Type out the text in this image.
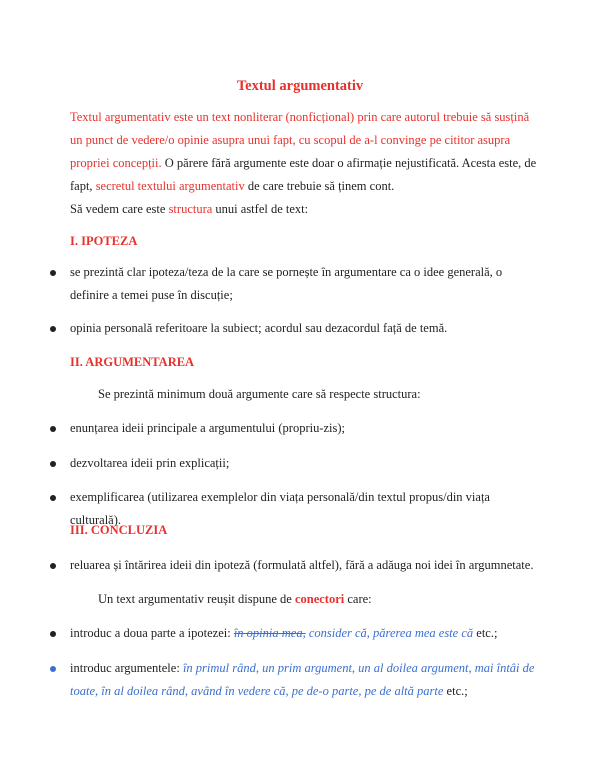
Textul argumentativ
Textul argumentativ este un text nonliterar (nonficțional) prin care autorul trebuie să susțină un punct de vedere/o opinie asupra unui fapt, cu scopul de a-l convinge pe cititor asupra propriei concepții. O părere fără argumente este doar o afirmație nejustificată. Acesta este, de fapt, secretul textului argumentativ de care trebuie să ținem cont.
Să vedem care este structura unui astfel de text:
I. IPOTEZA
se prezintă clar ipoteza/teza de la care se pornește în argumentare ca o idee generală, o definire a temei puse în discuție;
opinia personală referitoare la subiect; acordul sau dezacordul față de temă.
II. ARGUMENTAREA
Se prezintă minimum două argumente care să respecte structura:
enunțarea ideii principale a argumentului (propriu-zis);
dezvoltarea ideii prin explicații;
exemplificarea (utilizarea exemplelor din viața personală/din textul propus/din viața culturală).
III. CONCLUZIA
reluarea și întărirea ideii din ipoteză (formulată altfel), fără a adăuga noi idei în argumnetate.
Un text argumentativ reușit dispune de conectori care:
introduc a doua parte a ipotezei: în opinia mea, consider că, părerea mea este că etc.;
introduc argumentele: în primul rând, un prim argument, un al doilea argument, mai întâi de toate, în al doilea rând, având în vedere că, pe de-o parte, pe de altă parte etc.;
